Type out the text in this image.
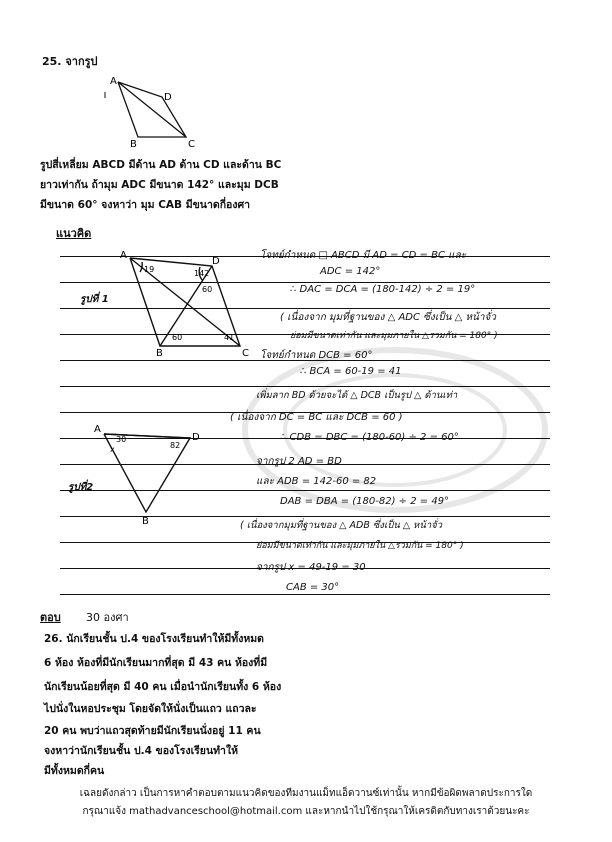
25. จากรูป
A
D
B	C
รูปสี่เหลี่ยม ABCD มีด้าน AD ด้าน CD และด้าน BC
ยาวเท่ากัน ถ้ามุม ADC มีขนาด 142° และมุม DCB
มีขนาด 60° จงหาว่า มุม CAB มีขนาดกี่องศา
แนวคิด
A
D
B	C
19	142
60
60	41
รูปที่ 1
A
D
B
30
82
x
รูปที่2
โจทย์กำหนด □ ABCD มี AD = CD = BC และ
ADC = 142°
∴ DAC = DCA = (180-142) ÷ 2 = 19°
( เนื่องจาก มุมที่ฐานของ △ ADC ซึ่งเป็น △ หน้าจั่ว
ย่อมมีขนาดเท่ากัน และมุมภายใน △รวมกัน = 180° )
โจทย์กำหนด DCB = 60°
∴ BCA = 60-19 = 41
เพิ่มลาก BD ด้วยจะได้ △ DCB เป็นรูป △ ด้านเท่า
( เนื่องจาก DC = BC และ DCB = 60 )
∴ CDB = DBC = (180-60) ÷ 2 = 60°
จากรูป 2 AD = BD
และ ADB = 142-60 = 82
DAB = DBA = (180-82) ÷ 2 = 49°
( เนื่องจากมุมที่ฐานของ △ ADB ซึ่งเป็น △ หน้าจั่ว
ย่อมมีขนาดเท่ากัน และมุมภายใน △รวมกัน = 180° )
จากรูป x = 49-19 = 30
CAB = 30°
ตอบ 30 องศา
26. นักเรียนชั้น ป.4 ของโรงเรียนทำให้มีทั้งหมด
6 ห้อง ห้องที่มีนักเรียนมากที่สุด มี 43 คน ห้องที่มี
นักเรียนน้อยที่สุด มี 40 คน เมื่อนำนักเรียนทั้ง 6 ห้อง
ไปนั่งในหอประชุม โดยจัดให้นั่งเป็นแถว แถวละ
20 คน พบว่าแถวสุดท้ายมีนักเรียนนั่งอยู่ 11 คน
จงหาว่านักเรียนชั้น ป.4 ของโรงเรียนทำให้
มีทั้งหมดกี่คน
เฉลยดังกล่าว เป็นการหาคำตอบตามแนวคิดของทีมงานแม็ทแอ็ดวานซ์เท่านั้น หากมีข้อผิดพลาดประการใด
กรุณาแจ้ง mathadvanceschool@hotmail.com และหากนำไปใช้กรุณาให้เครดิตกับทางเราด้วยนะคะ
